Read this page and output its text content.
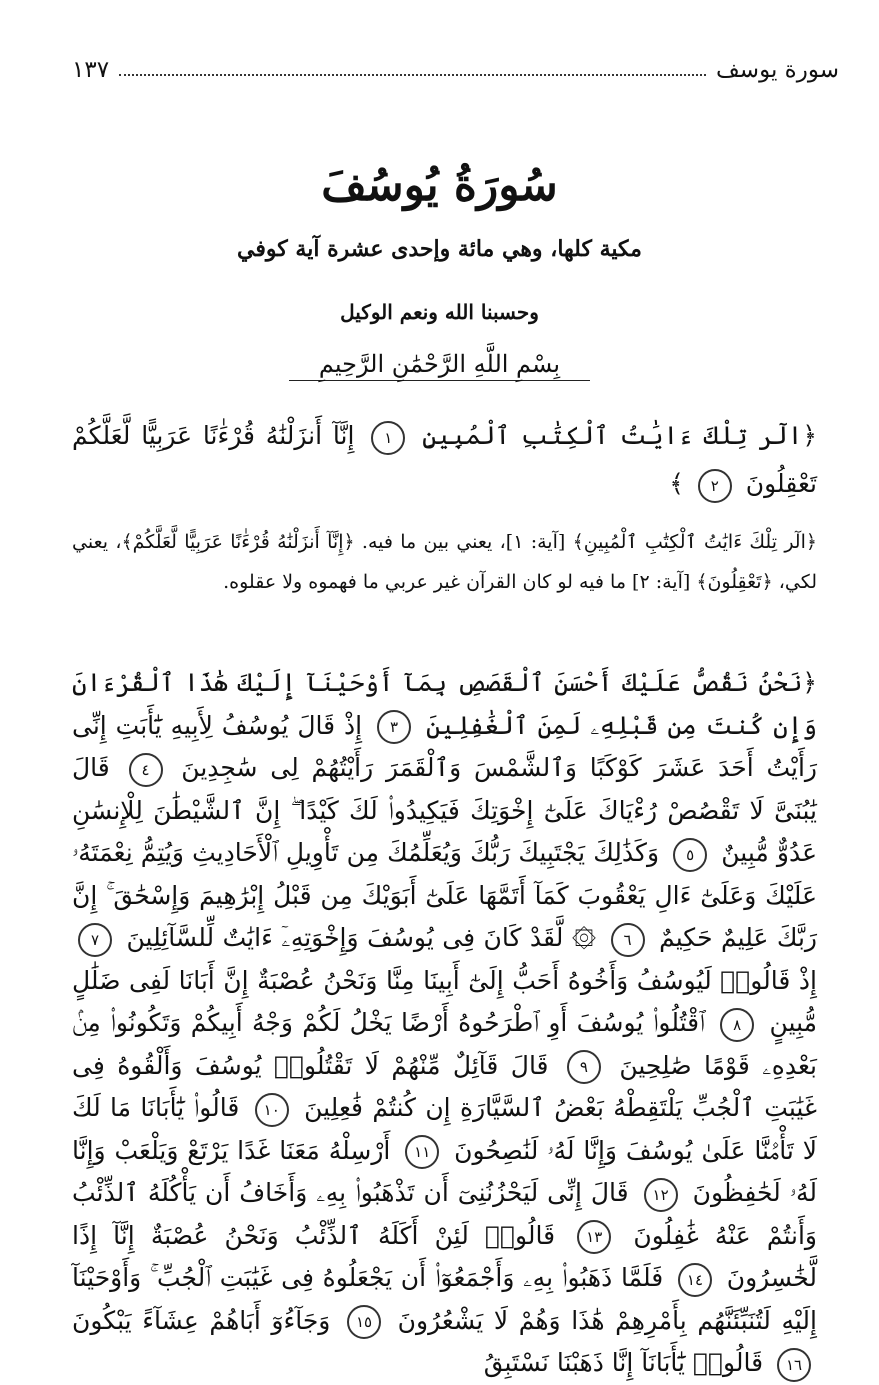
سورة يوسف
١٣٧
سُورَةُ يُوسُفَ
مكية كلها، وهي مائة وإحدى عشرة آية كوفي
وحسبنا الله ونعم الوكيل
بِسْمِ اللَّهِ الرَّحْمَٰنِ الرَّحِيمِ
﴿الٓر تِلْكَ ءَايَٰتُ ٱلْكِتَٰبِ ٱلْمُبِينِ ١ إِنَّآ أَنزَلْنَٰهُ قُرْءَٰنًا عَرَبِيًّا لَّعَلَّكُمْ تَعْقِلُونَ ٢ ﴾
﴿الٓر تِلْكَ ءَايَٰتُ ٱلْكِتَٰبِ ٱلْمُبِينِ﴾ [آية: ١]، يعني بين ما فيه. ﴿إِنَّآ أَنزَلْنَٰهُ قُرْءَٰنًا عَرَبِيًّا لَّعَلَّكُمْ﴾، يعني لكي، ﴿تَعْقِلُونَ﴾ [آية: ٢] ما فيه لو كان القرآن غير عربي ما فهموه ولا عقلوه.
﴿نَحْنُ نَقُصُّ عَلَيْكَ أَحْسَنَ ٱلْقَصَصِ بِمَآ أَوْحَيْنَآ إِلَيْكَ هَٰذَا ٱلْقُرْءَانَ وَإِن كُنتَ مِن قَبْلِهِۦ لَمِنَ ٱلْغَٰفِلِينَ ٣ إِذْ قَالَ يُوسُفُ لِأَبِيهِ يَٰٓأَبَتِ إِنِّى رَأَيْتُ أَحَدَ عَشَرَ كَوْكَبًا وَٱلشَّمْسَ وَٱلْقَمَرَ رَأَيْتُهُمْ لِى سَٰجِدِينَ ٤ قَالَ يَٰبُنَىَّ لَا تَقْصُصْ رُءْيَاكَ عَلَىٰٓ إِخْوَتِكَ فَيَكِيدُوا۟ لَكَ كَيْدًا ۖ إِنَّ ٱلشَّيْطَٰنَ لِلْإِنسَٰنِ عَدُوٌّ مُّبِينٌ ٥ وَكَذَٰلِكَ يَجْتَبِيكَ رَبُّكَ وَيُعَلِّمُكَ مِن تَأْوِيلِ ٱلْأَحَادِيثِ وَيُتِمُّ نِعْمَتَهُۥ عَلَيْكَ وَعَلَىٰٓ ءَالِ يَعْقُوبَ كَمَآ أَتَمَّهَا عَلَىٰٓ أَبَوَيْكَ مِن قَبْلُ إِبْرَٰهِيمَ وَإِسْحَٰقَ ۚ إِنَّ رَبَّكَ عَلِيمٌ حَكِيمٌ ٦ ۞ لَّقَدْ كَانَ فِى يُوسُفَ وَإِخْوَتِهِۦٓ ءَايَٰتٌ لِّلسَّآئِلِينَ ٧ إِذْ قَالُوا۟ لَيُوسُفُ وَأَخُوهُ أَحَبُّ إِلَىٰٓ أَبِينَا مِنَّا وَنَحْنُ عُصْبَةٌ إِنَّ أَبَانَا لَفِى ضَلَٰلٍ مُّبِينٍ ٨ ٱقْتُلُوا۟ يُوسُفَ أَوِ ٱطْرَحُوهُ أَرْضًا يَخْلُ لَكُمْ وَجْهُ أَبِيكُمْ وَتَكُونُوا۟ مِنۢ بَعْدِهِۦ قَوْمًا صَٰلِحِينَ ٩ قَالَ قَآئِلٌ مِّنْهُمْ لَا تَقْتُلُوا۟ يُوسُفَ وَأَلْقُوهُ فِى غَيَٰبَتِ ٱلْجُبِّ يَلْتَقِطْهُ بَعْضُ ٱلسَّيَّارَةِ إِن كُنتُمْ فَٰعِلِينَ ١٠ قَالُوا۟ يَٰٓأَبَانَا مَا لَكَ لَا تَأْمَ۫نَّا عَلَىٰ يُوسُفَ وَإِنَّا لَهُۥ لَنَٰصِحُونَ ١١ أَرْسِلْهُ مَعَنَا غَدًا يَرْتَعْ وَيَلْعَبْ وَإِنَّا لَهُۥ لَحَٰفِظُونَ ١٢ قَالَ إِنِّى لَيَحْزُنُنِىٓ أَن تَذْهَبُوا۟ بِهِۦ وَأَخَافُ أَن يَأْكُلَهُ ٱلذِّئْبُ وَأَنتُمْ عَنْهُ غَٰفِلُونَ ١٣ قَالُوا۟ لَئِنْ أَكَلَهُ ٱلذِّئْبُ وَنَحْنُ عُصْبَةٌ إِنَّآ إِذًا لَّخَٰسِرُونَ ١٤ فَلَمَّا ذَهَبُوا۟ بِهِۦ وَأَجْمَعُوٓا۟ أَن يَجْعَلُوهُ فِى غَيَٰبَتِ ٱلْجُبِّ ۚ وَأَوْحَيْنَآ إِلَيْهِ لَتُنَبِّئَنَّهُم بِأَمْرِهِمْ هَٰذَا وَهُمْ لَا يَشْعُرُونَ ١٥ وَجَآءُوٓ أَبَاهُمْ عِشَآءً يَبْكُونَ ١٦ قَالُوا۟ يَٰٓأَبَانَآ إِنَّا ذَهَبْنَا نَسْتَبِقُ
